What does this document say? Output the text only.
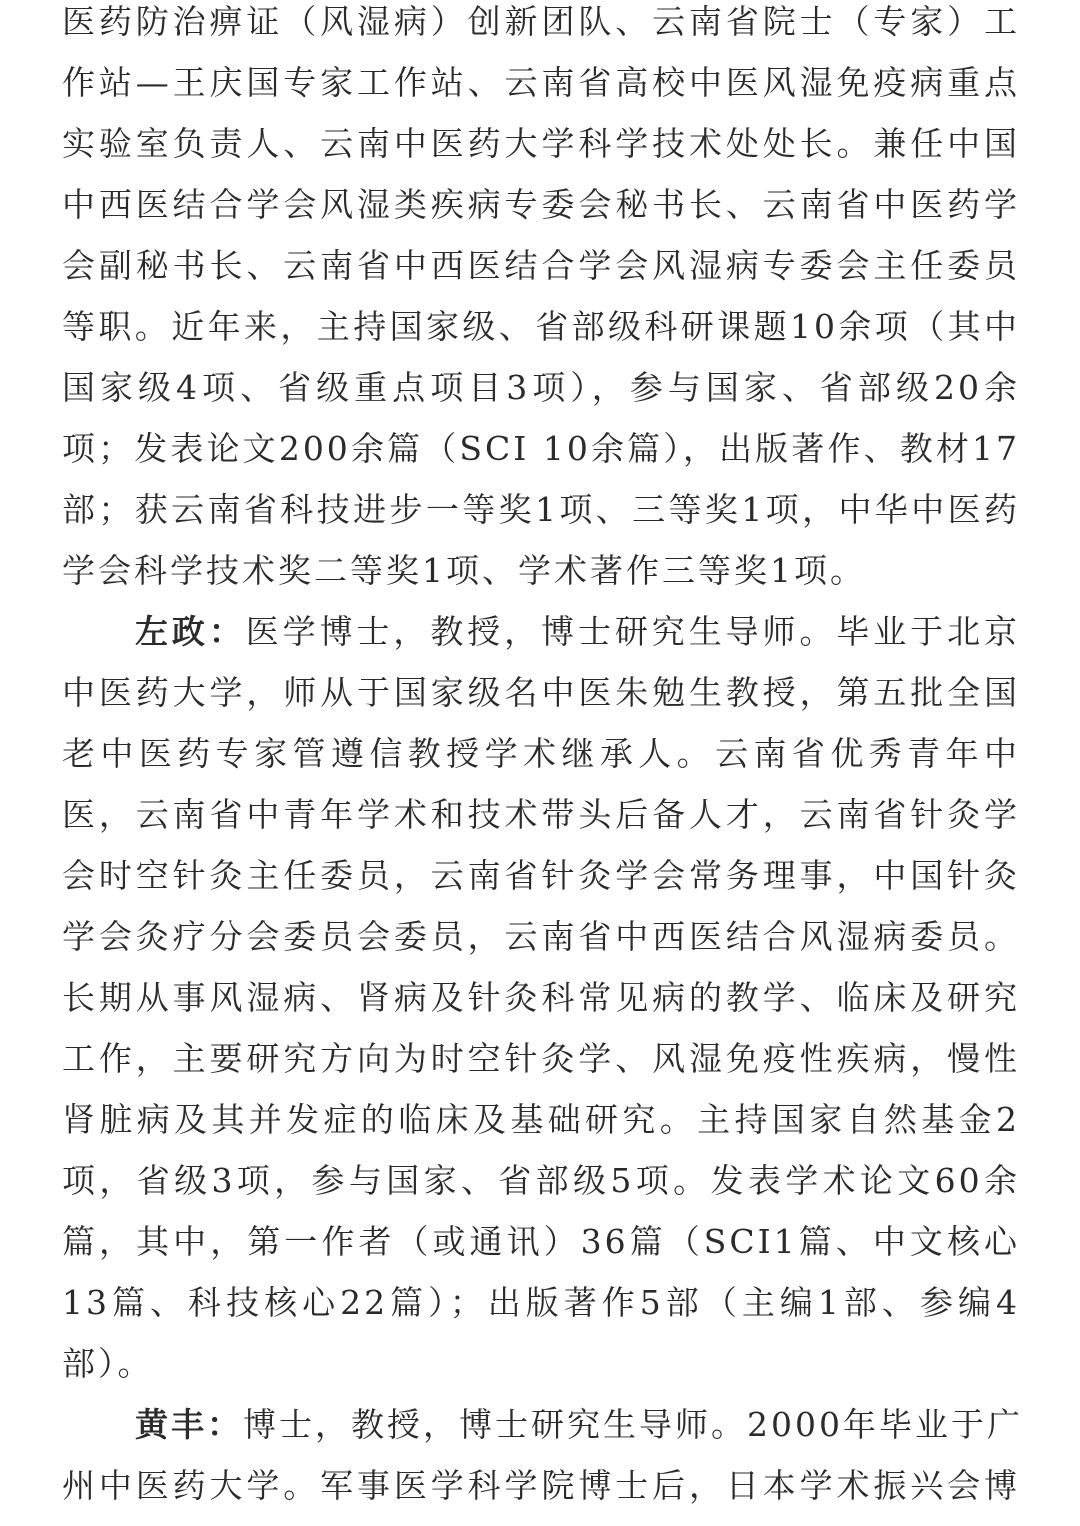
医药防治痹证（风湿病）创新团队、云南省院士（专家）工
作站—王庆国专家工作站、云南省高校中医风湿免疫病重点
实验室负责人、云南中医药大学科学技术处处长。兼任中国
中西医结合学会风湿类疾病专委会秘书长、云南省中医药学
会副秘书长、云南省中西医结合学会风湿病专委会主任委员
等职。近年来，主持国家级、省部级科研课题10余项（其中
国家级4项、省级重点项目3项），参与国家、省部级20余
项；发表论文200余篇（SCI 10余篇），出版著作、教材17
部；获云南省科技进步一等奖1项、三等奖1项，中华中医药
学会科学技术奖二等奖1项、学术著作三等奖1项。
左政：医学博士，教授，博士研究生导师。毕业于北京
中医药大学，师从于国家级名中医朱勉生教授，第五批全国
老中医药专家管遵信教授学术继承人。云南省优秀青年中
医，云南省中青年学术和技术带头后备人才，云南省针灸学
会时空针灸主任委员，云南省针灸学会常务理事，中国针灸
学会灸疗分会委员会委员，云南省中西医结合风湿病委员。
长期从事风湿病、肾病及针灸科常见病的教学、临床及研究
工作，主要研究方向为时空针灸学、风湿免疫性疾病，慢性
肾脏病及其并发症的临床及基础研究。主持国家自然基金2
项，省级3项，参与国家、省部级5项。发表学术论文60余
篇，其中，第一作者（或通讯）36篇（SCI1篇、中文核心
13篇、科技核心22篇）；出版著作5部（主编1部、参编4
部）。
黄丰：博士，教授，博士研究生导师。2000年毕业于广
州中医药大学。军事医学科学院博士后，日本学术振兴会博
